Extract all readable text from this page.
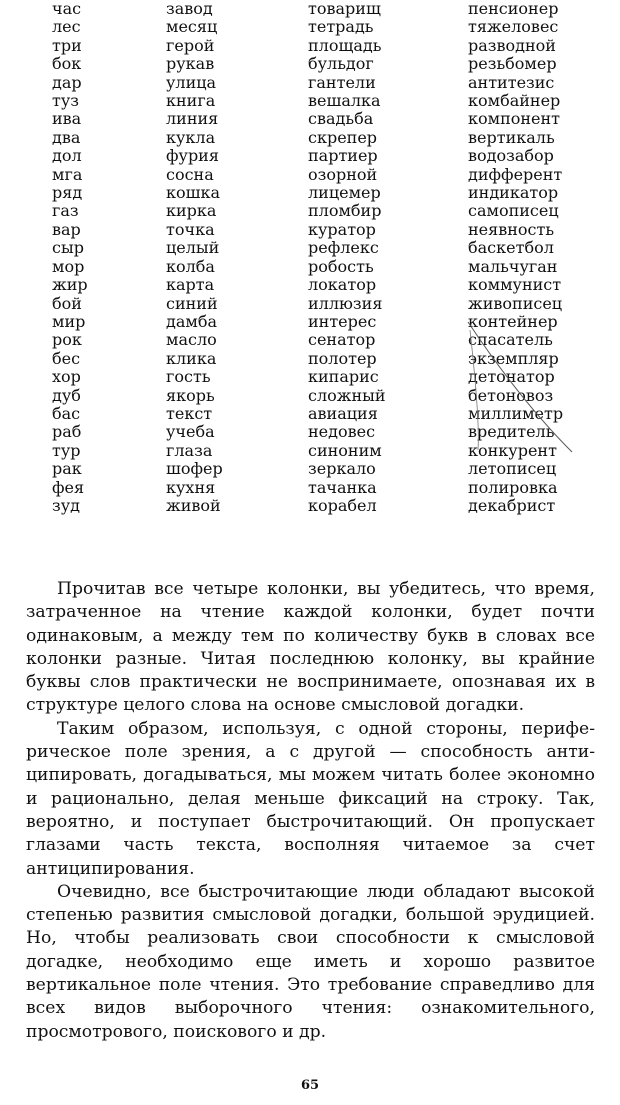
час
лес
три
бок
дар
туз
ива
два
дол
мга
ряд
газ
вар
сыр
мор
жир
бой
мир
рок
бес
хор
дуб
бас
раб
тур
рак
фея
зуд
завод
месяц
герой
рукав
улица
книга
линия
кукла
фурия
сосна
кошка
кирка
точка
целый
колба
карта
синий
дамба
масло
клика
гость
якорь
текст
учеба
глаза
шофер
кухня
живой
товарищ
тетрадь
площадь
бульдог
гантели
вешалка
свадьба
скрепер
партиер
озорной
лицемер
пломбир
куратор
рефлекс
робость
локатор
иллюзия
интерес
сенатор
полотер
кипарис
сложный
авиация
недовес
синоним
зеркало
тачанка
корабел
пенсионер
тяжеловес
разводной
резьбомер
антитезис
комбайнер
компонент
вертикаль
водозабор
дифферент
индикатор
самописец
неявность
баскетбол
мальчуган
коммунист
живописец
контейнер
спасатель
экземпляр
детонатор
бетоновоз
миллиметр
вредитель
конкурент
летописец
полировка
декабрист

Прочитав все четыре колонки, вы убедитесь, что время, затраченное на чтение каждой колонки, будет почти одинаковым, а между тем по количеству букв в словах все колонки разные. Читая последнюю колонку, вы крайние буквы слов практически не воспринимаете, опознавая их в структуре целого слова на основе смысловой догадки.

Таким образом, используя, с одной стороны, периферическое поле зрения, а с другой — способность антиципировать, догадываться, мы можем читать более экономно и рационально, делая меньше фиксаций на строку. Так, вероятно, и поступает быстрочитающий. Он пропускает глазами часть текста, восполняя читаемое за счет антиципирования.

Очевидно, все быстрочитающие люди обладают высокой степенью развития смысловой догадки, большой эрудицией. Но, чтобы реализовать свои способности к смысловой догадке, необходимо еще иметь и хорошо развитое вертикальное поле чтения. Это требование справедливо для всех видов выборочного чтения: ознакомительного, просмотрового, поискового и др.

65
